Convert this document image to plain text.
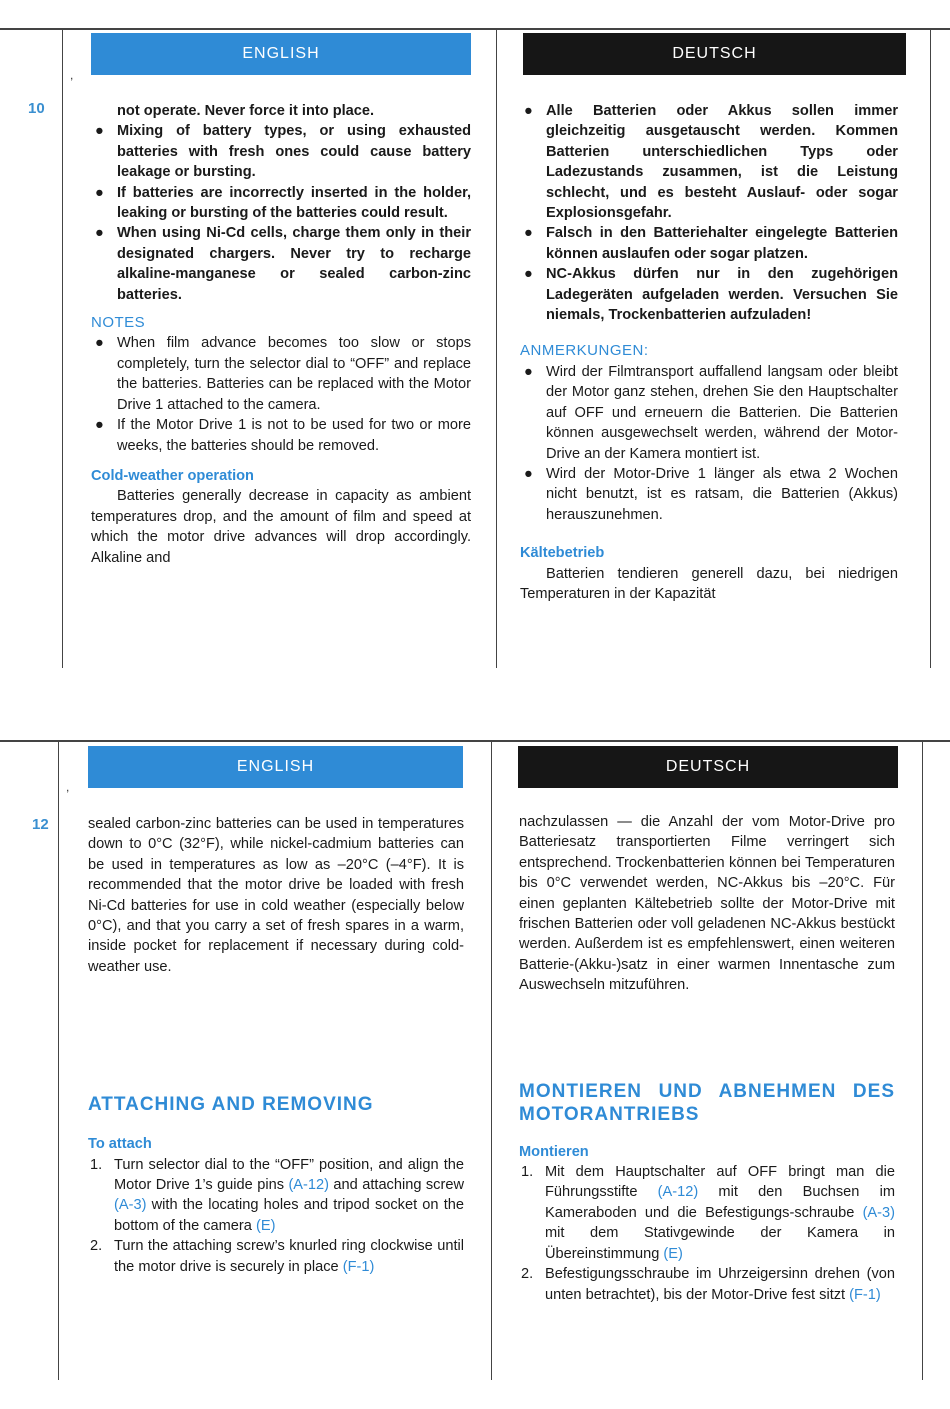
10
,
ENGLISH	DEUTSCH

not operate. Never force it into place.

● Mixing of battery types, or using exhausted batteries with fresh ones could cause battery leakage or bursting.

● If batteries are incorrectly inserted in the holder, leaking or bursting of the batteries could result.

● When using Ni-Cd cells, charge them only in their designated chargers. Never try to recharge alkaline-manganese or sealed carbon-zinc batteries.

NOTES

● When film advance becomes too slow or stops completely, turn the selector dial to “OFF” and replace the batteries. Batteries can be replaced with the Motor Drive 1 attached to the camera.

● If the Motor Drive 1 is not to be used for two or more weeks, the batteries should be removed.

Cold-weather operation

Batteries generally decrease in capacity as ambient temperatures drop, and the amount of film and speed at which the motor drive advances will drop accordingly. Alkaline and

● Alle Batterien oder Akkus sollen immer gleichzeitig ausgetauscht werden. Kommen Batterien unterschiedlichen Typs oder Ladezustands zusammen, ist die Leistung schlecht, und es besteht Auslauf- oder sogar Explosionsgefahr.

● Falsch in den Batteriehalter eingelegte Batterien können auslaufen oder sogar platzen.

● NC-Akkus dürfen nur in den zugehörigen Ladegeräten aufgeladen werden. Versuchen Sie niemals, Trockenbatterien aufzuladen!

ANMERKUNGEN:

● Wird der Filmtransport auffallend langsam oder bleibt der Motor ganz stehen, drehen Sie den Hauptschalter auf OFF und erneuern die Batterien. Die Batterien können ausgewechselt werden, während der Motor-Drive an der Kamera montiert ist.

● Wird der Motor-Drive 1 länger als etwa 2 Wochen nicht benutzt, ist es ratsam, die Batterien (Akkus) herauszunehmen.

Kältebetrieb

Batterien tendieren generell dazu, bei niedrigen Temperaturen in der Kapazität

12
,
ENGLISH	DEUTSCH

sealed carbon-zinc batteries can be used in temperatures down to 0°C (32°F), while nickel-cadmium batteries can be used in temperatures as low as –20°C (–4°F). It is recommended that the motor drive be loaded with fresh Ni-Cd batteries for use in cold weather (especially below 0°C), and that you carry a set of fresh spares in a warm, inside pocket for replacement if necessary during cold-weather use.

ATTACHING AND REMOVING

To attach

1. Turn selector dial to the “OFF” position, and align the Motor Drive 1’s guide pins (A-12) and attaching screw (A-3) with the locating holes and tripod socket on the bottom of the camera (E)

2. Turn the attaching screw’s knurled ring clockwise until the motor drive is securely in place (F-1)

nachzulassen — die Anzahl der vom Motor-Drive pro Batteriesatz transportierten Filme verringert sich entsprechend. Trockenbatterien können bei Temperaturen bis 0°C verwendet werden, NC-Akkus bis –20°C. Für einen geplanten Kältebetrieb sollte der Motor-Drive mit frischen Batterien oder voll geladenen NC-Akkus bestückt werden. Außerdem ist es empfehlenswert, einen weiteren Batterie-(Akku-)satz in einer warmen Innentasche zum Auswechseln mitzuführen.

MONTIEREN UND ABNEHMEN DES MOTORANTRIEBS

Montieren

1. Mit dem Hauptschalter auf OFF bringt man die Führungsstifte (A-12) mit den Buchsen im Kameraboden und die Befestigungs-schraube (A-3) mit dem Stativgewinde der Kamera in Übereinstimmung (E)

2. Befestigungsschraube im Uhrzeigersinn drehen (von unten betrachtet), bis der Motor-Drive fest sitzt (F-1)
